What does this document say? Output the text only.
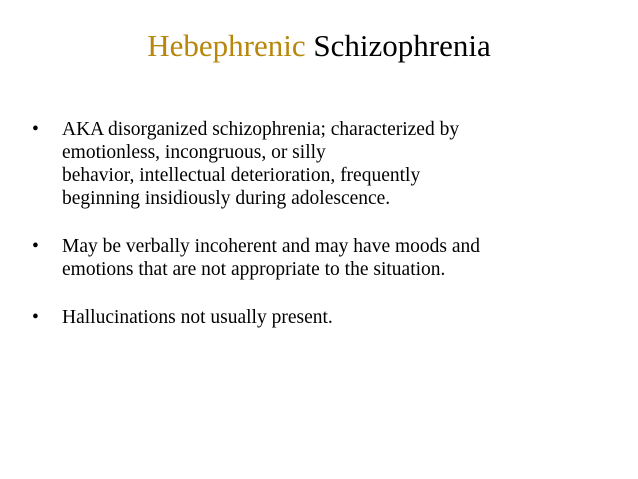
Hebephrenic Schizophrenia
• AKA disorganized schizophrenia; characterized by
emotionless, incongruous, or silly
behavior, intellectual deterioration, frequently
beginning insidiously during adolescence.
• May be verbally incoherent and may have moods and
emotions that are not appropriate to the situation.
• Hallucinations not usually present.
